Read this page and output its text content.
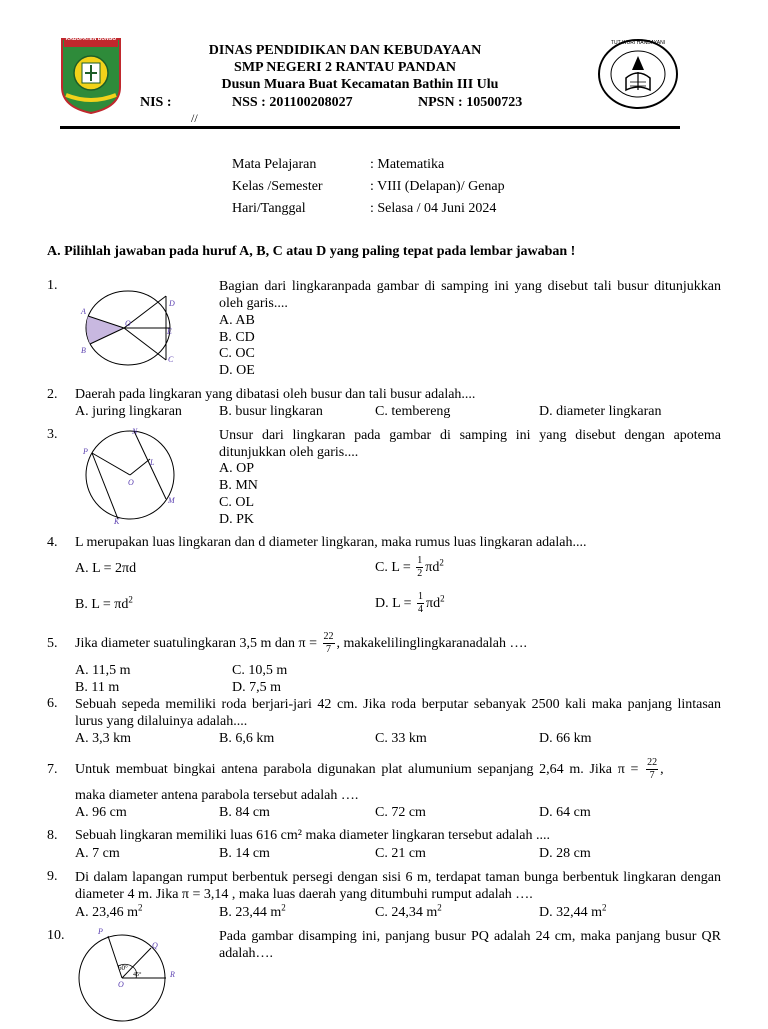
KABUPATEN BUNGO
TUT WURI HANDAYANI
DINAS PENDIDIKAN DAN KEBUDAYAAN
SMP NEGERI 2 RANTAU PANDAN
Dusun Muara Buat Kecamatan Bathin III Ulu
NIS :	NSS : 201100208027	NPSN : 10500723
//
Mata Pelajaran	: Matematika
Kelas /Semester	: VIII (Delapan)/ Genap
Hari/Tanggal	: Selasa / 04 Juni 2024
A. Pilihlah jawaban pada huruf A, B, C atau D yang paling tepat pada lembar jawaban !
1.
A
B
C
D
E
O
Bagian dari lingkaranpada gambar di samping ini yang disebut tali busur ditunjukkan oleh garis....
A. AB
B. CD
C. OC
D. OE
2. Daerah pada lingkaran yang dibatasi oleh busur dan tali busur adalah....
A. juring lingkaran	B. busur lingkaran	C. tembereng	D. diameter lingkaran
3.	N
P
L
O
M
K
Unsur dari lingkaran pada gambar di samping ini yang disebut dengan apotema ditunjukkan oleh garis....
A. OP
B. MN
C. OL
D. PK
4. L merupakan luas lingkaran dan d diameter lingkaran, maka rumus luas lingkaran adalah....
A. L = 2πd	C. $L = \frac{1}{2} \pi d^2$
B. $L = \pi d^2$	D. $L = \frac{1}{4} \pi d^2$
5. Jika diameter suatulingkaran 3,5 m dan $\pi = \frac{22}{7}$ , makakelilinglingkaranadalah ….
A. 11,5 m	C. 10,5 m
B. 11 m	D. 7,5 m
6. Sebuah sepeda memiliki roda berjari-jari 42 cm. Jika roda berputar sebanyak 2500 kali maka panjang lintasan lurus yang dilaluinya adalah....
A. 3,3 km	B. 6,6 km	C. 33 km	D. 66 km
7. Untuk membuat bingkai antena parabola digunakan plat alumunium sepanjang 2,64 m. Jika $\pi = \frac{22}{7}$ ,
maka diameter antena parabola tersebut adalah ….
A. 96 cm	B. 84 cm	C. 72 cm	D. 64 cm
8. Sebuah lingkaran memiliki luas 616 cm² maka diameter lingkaran tersebut adalah ....
A. 7 cm	B. 14 cm	C. 21 cm	D. 28 cm
9. Di dalam lapangan rumput berbentuk persegi dengan sisi 6 m, terdapat taman bunga berbentuk lingkaran dengan diameter 4 m. Jika π = 3,14 , maka luas daerah yang ditumbuhi rumput adalah ….
A. 23,46 $m^2$	B. 23,44 $m^2$	C. 24,34 $m^2$	D. 32,44 $m^2$
10.	P
Q
R
O
60°
45°
Pada gambar disamping ini, panjang busur PQ adalah 24 cm, maka panjang busur QR adalah….
